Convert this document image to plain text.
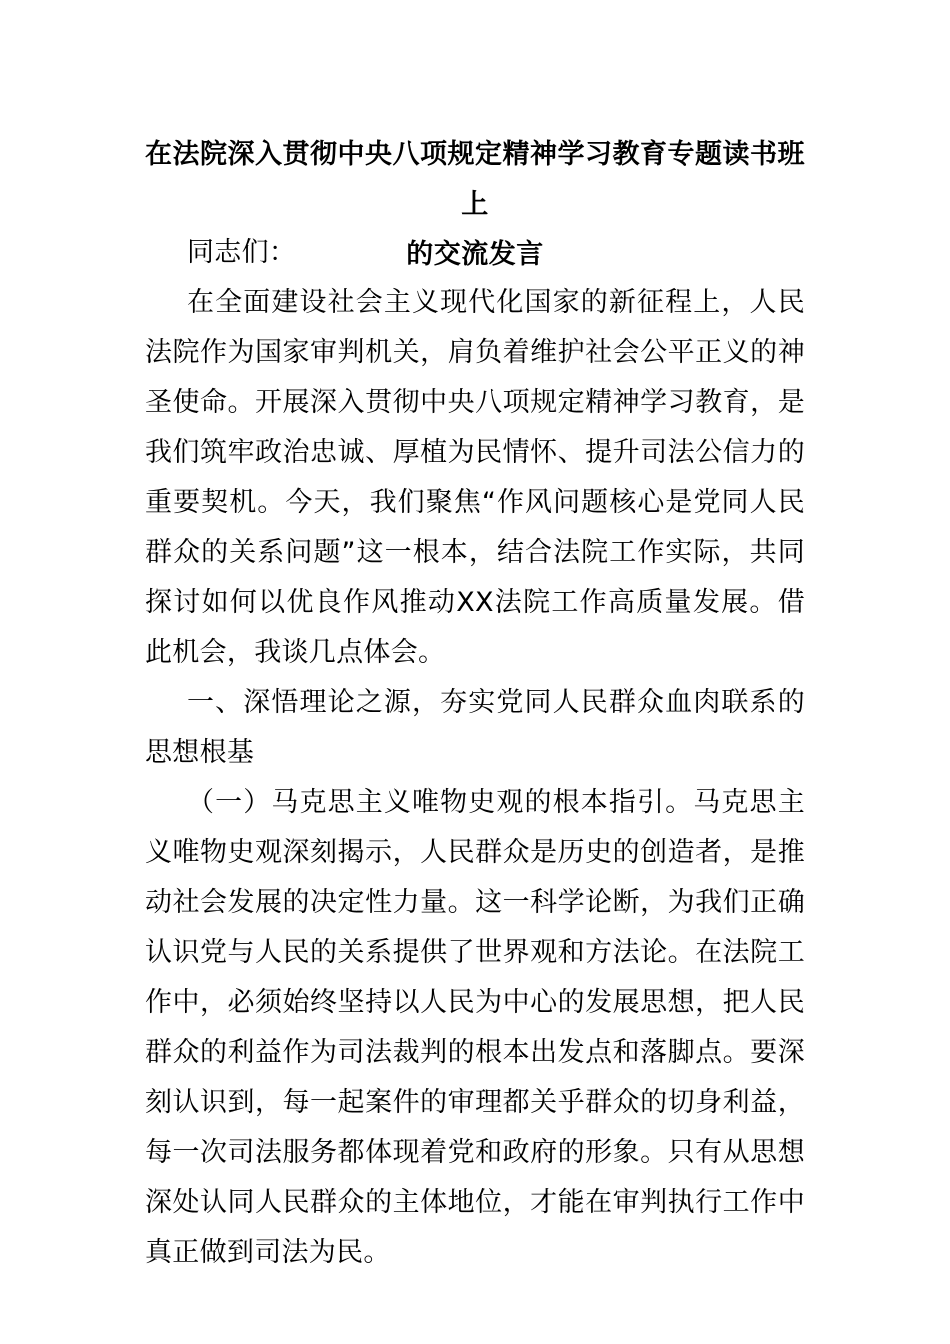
在法院深入贯彻中央八项规定精神学习教育专题读书班上
的交流发言

同志们：

在全面建设社会主义现代化国家的新征程上，人民法院作为国家审判机关，肩负着维护社会公平正义的神圣使命。开展深入贯彻中央八项规定精神学习教育，是我们筑牢政治忠诚、厚植为民情怀、提升司法公信力的重要契机。今天，我们聚焦“作风问题核心是党同人民群众的关系问题”这一根本，结合法院工作实际，共同探讨如何以优良作风推动XX法院工作高质量发展。借此机会，我谈几点体会。

一、深悟理论之源，夯实党同人民群众血肉联系的思想根基

（一）马克思主义唯物史观的根本指引。马克思主义唯物史观深刻揭示，人民群众是历史的创造者，是推动社会发展的决定性力量。这一科学论断，为我们正确认识党与人民的关系提供了世界观和方法论。在法院工作中，必须始终坚持以人民为中心的发展思想，把人民群众的利益作为司法裁判的根本出发点和落脚点。要深刻认识到，每一起案件的审理都关乎群众的切身利益，每一次司法服务都体现着党和政府的形象。只有从思想深处认同人民群众的主体地位，才能在审判执行工作中真正做到司法为民。
